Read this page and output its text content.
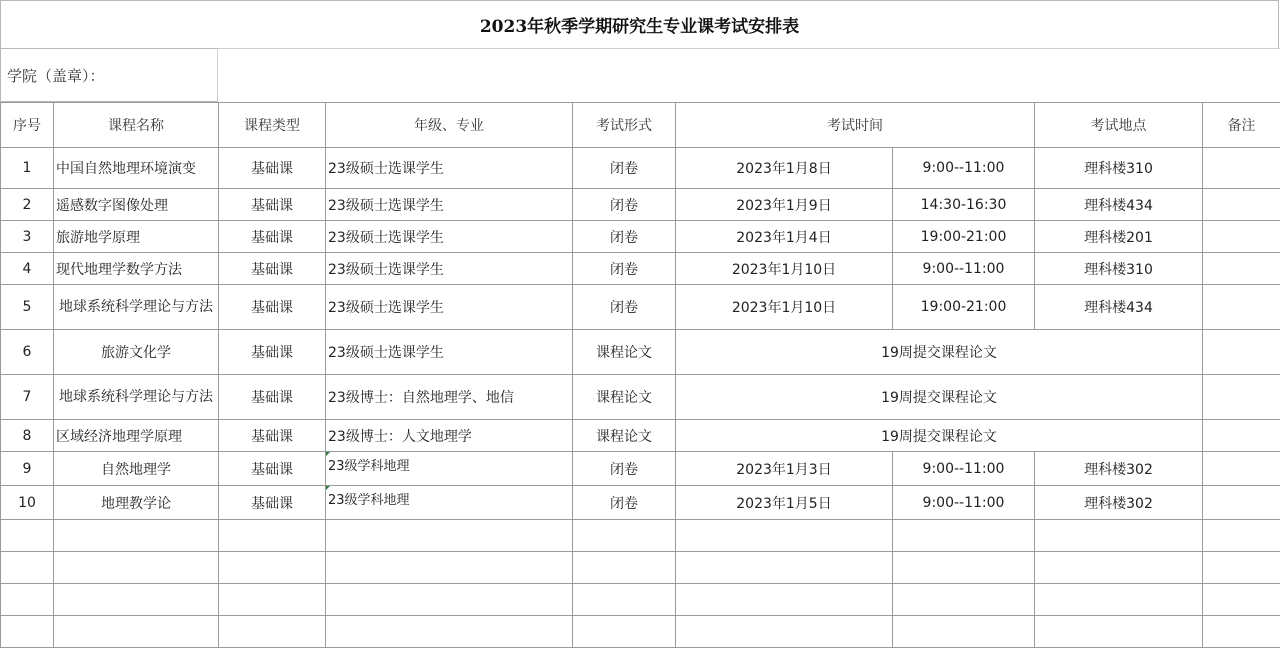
2023年秋季学期研究生专业课考试安排表
学院（盖章）：
序号	课程名称	课程类型	年级、专业	考试形式	考试时间		考试地点	备注
1	中国自然地理环境演变	基础课	23级硕士选课学生	闭卷	2023年1月8日	9:00--11:00	理科楼310	
2	遥感数字图像处理	基础课	23级硕士选课学生	闭卷	2023年1月9日	14:30-16:30	理科楼434	
3	旅游地学原理	基础课	23级硕士选课学生	闭卷	2023年1月4日	19:00-21:00	理科楼201	
4	现代地理学数学方法	基础课	23级硕士选课学生	闭卷	2023年1月10日	9:00--11:00	理科楼310	
5	地球系统科学理论与方法	基础课	23级硕士选课学生	闭卷	2023年1月10日	19:00-21:00	理科楼434	
6	旅游文化学	基础课	23级硕士选课学生	课程论文	19周提交课程论文			
7	地球系统科学理论与方法	基础课	23级博士：自然地理学、地信	课程论文	19周提交课程论文			
8	区域经济地理学原理	基础课	23级博士：人文地理学	课程论文	19周提交课程论文			
9	自然地理学	基础课	23级学科地理	闭卷	2023年1月3日	9:00--11:00	理科楼302	
10	地理教学论	基础课	23级学科地理	闭卷	2023年1月5日	9:00--11:00	理科楼302	
